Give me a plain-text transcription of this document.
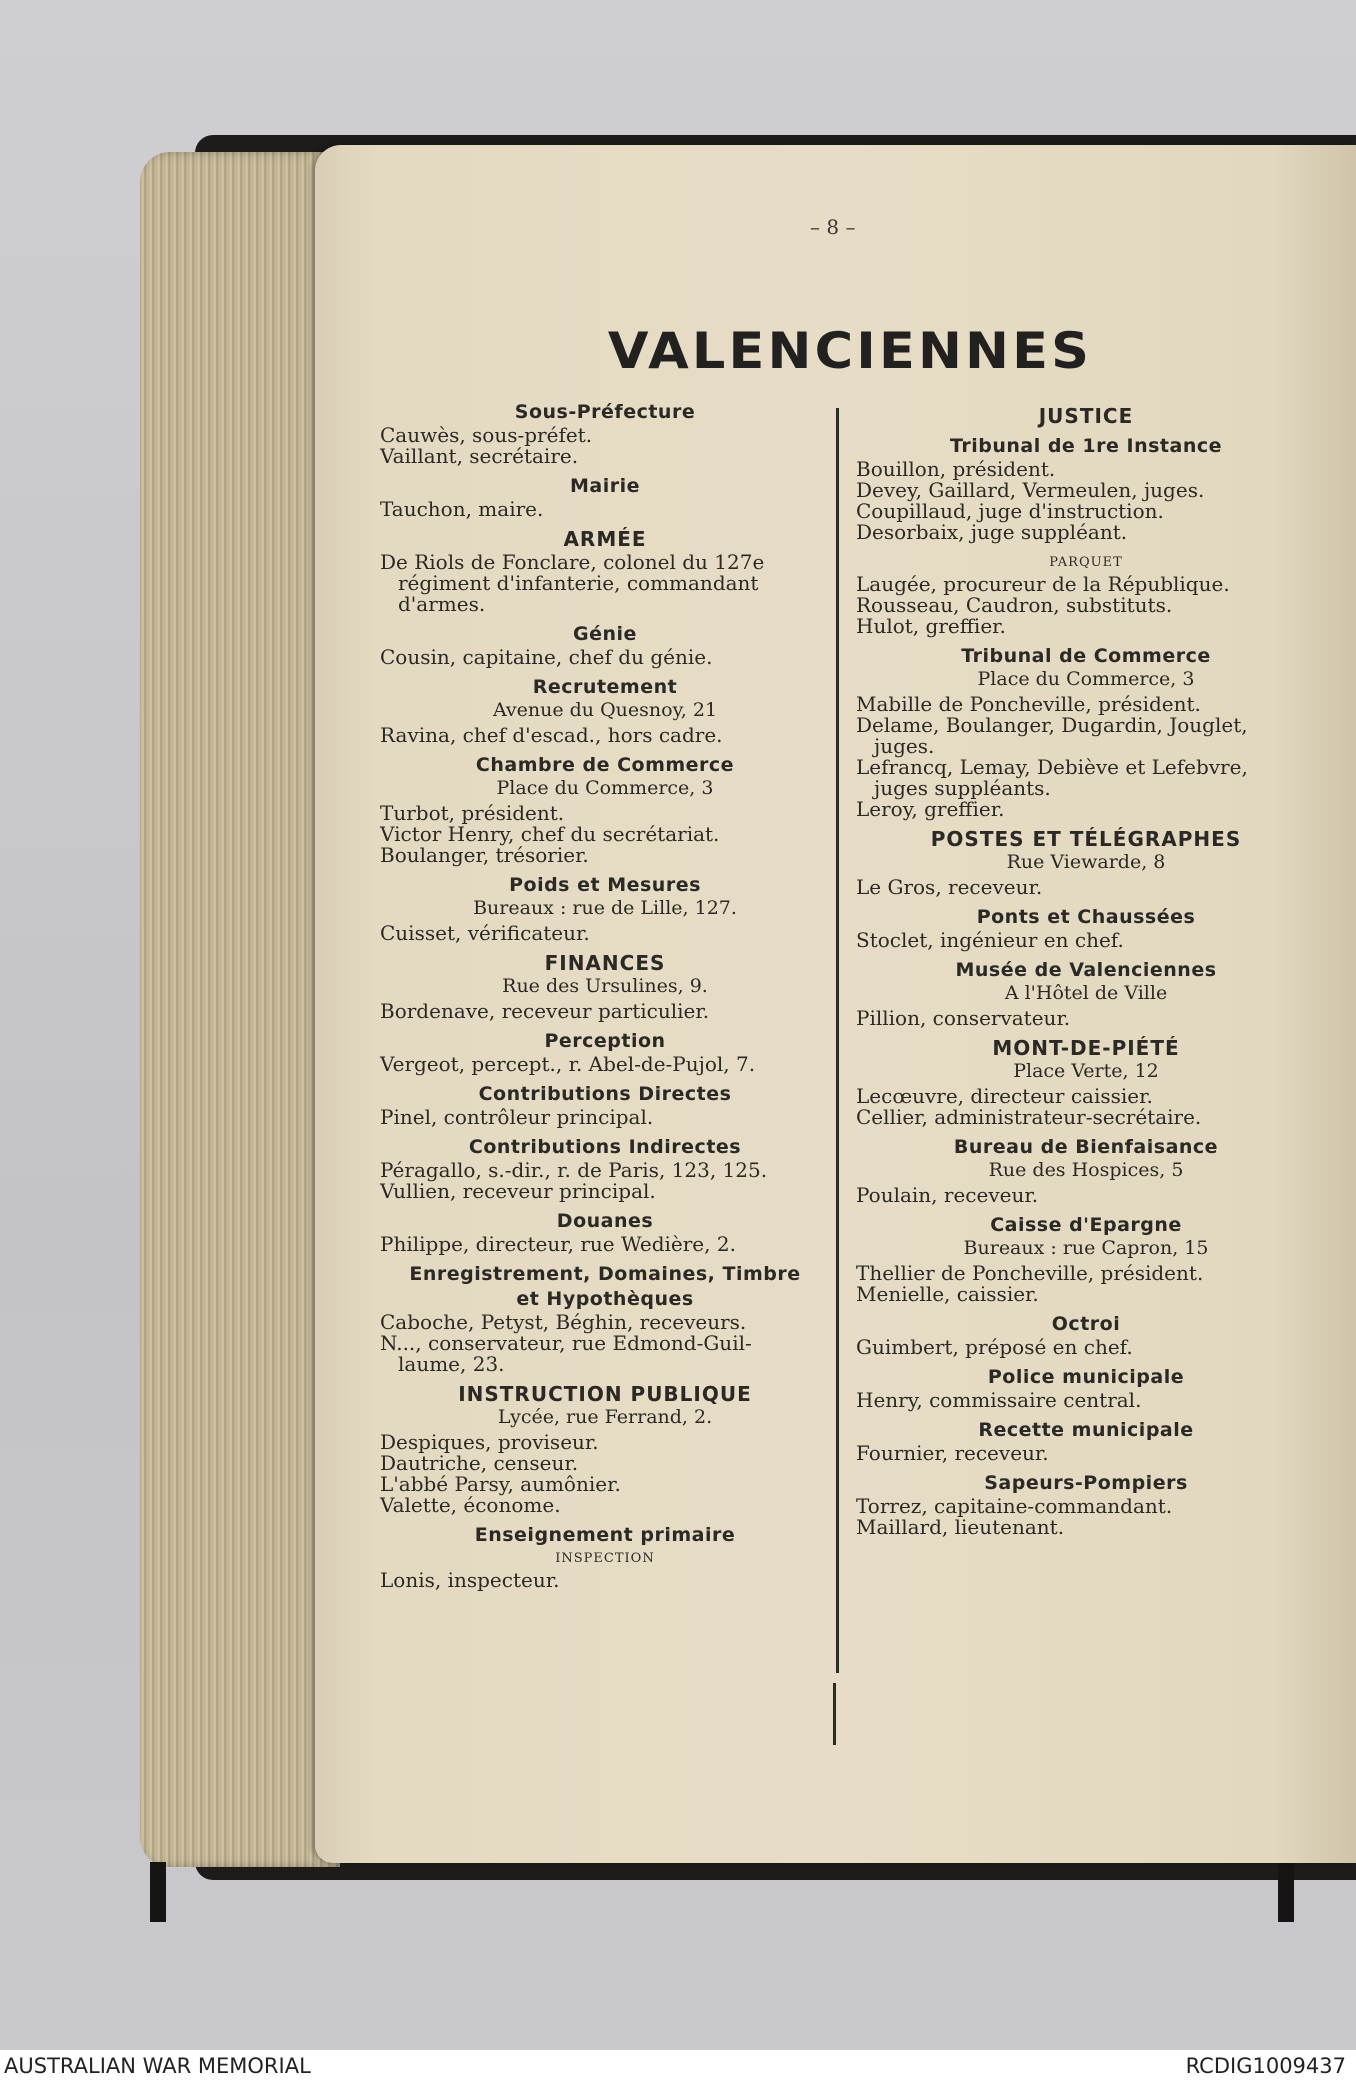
– 8 –
VALENCIENNES
Sous-Préfecture
Cauwès, sous-préfet.
Vaillant, secrétaire.
Mairie
Tauchon, maire.
ARMÉE
De Riols de Fonclare, colonel du 127e
régiment d'infanterie, commandant
d'armes.
Génie
Cousin, capitaine, chef du génie.
Recrutement
Avenue du Quesnoy, 21
Ravina, chef d'escad., hors cadre.
Chambre de Commerce
Place du Commerce, 3
Turbot, président.
Victor Henry, chef du secrétariat.
Boulanger, trésorier.
Poids et Mesures
Bureaux : rue de Lille, 127.
Cuisset, vérificateur.
FINANCES
Rue des Ursulines, 9.
Bordenave, receveur particulier.
Perception
Vergeot, percept., r. Abel-de-Pujol, 7.
Contributions Directes
Pinel, contrôleur principal.
Contributions Indirectes
Péragallo, s.-dir., r. de Paris, 123, 125.
Vullien, receveur principal.
Douanes
Philippe, directeur, rue Wedière, 2.
Enregistrement, Domaines, Timbre
et Hypothèques
Caboche, Petyst, Béghin, receveurs.
N..., conservateur, rue Edmond-Guil-
laume, 23.
INSTRUCTION PUBLIQUE
Lycée, rue Ferrand, 2.
Despiques, proviseur.
Dautriche, censeur.
L'abbé Parsy, aumônier.
Valette, économe.
Enseignement primaire
INSPECTION
Lonis, inspecteur.
JUSTICE
Tribunal de 1re Instance
Bouillon, président.
Devey, Gaillard, Vermeulen, juges.
Coupillaud, juge d'instruction.
Desorbaix, juge suppléant.
PARQUET
Laugée, procureur de la République.
Rousseau, Caudron, substituts.
Hulot, greffier.
Tribunal de Commerce
Place du Commerce, 3
Mabille de Poncheville, président.
Delame, Boulanger, Dugardin, Jouglet,
juges.
Lefrancq, Lemay, Debiève et Lefebvre,
juges suppléants.
Leroy, greffier.
POSTES ET TÉLÉGRAPHES
Rue Viewarde, 8
Le Gros, receveur.
Ponts et Chaussées
Stoclet, ingénieur en chef.
Musée de Valenciennes
A l'Hôtel de Ville
Pillion, conservateur.
MONT-DE-PIÉTÉ
Place Verte, 12
Lecœuvre, directeur caissier.
Cellier, administrateur-secrétaire.
Bureau de Bienfaisance
Rue des Hospices, 5
Poulain, receveur.
Caisse d'Epargne
Bureaux : rue Capron, 15
Thellier de Poncheville, président.
Menielle, caissier.
Octroi
Guimbert, préposé en chef.
Police municipale
Henry, commissaire central.
Recette municipale
Fournier, receveur.
Sapeurs-Pompiers
Torrez, capitaine-commandant.
Maillard, lieutenant.
AUSTRALIAN WAR MEMORIAL	RCDIG1009437
